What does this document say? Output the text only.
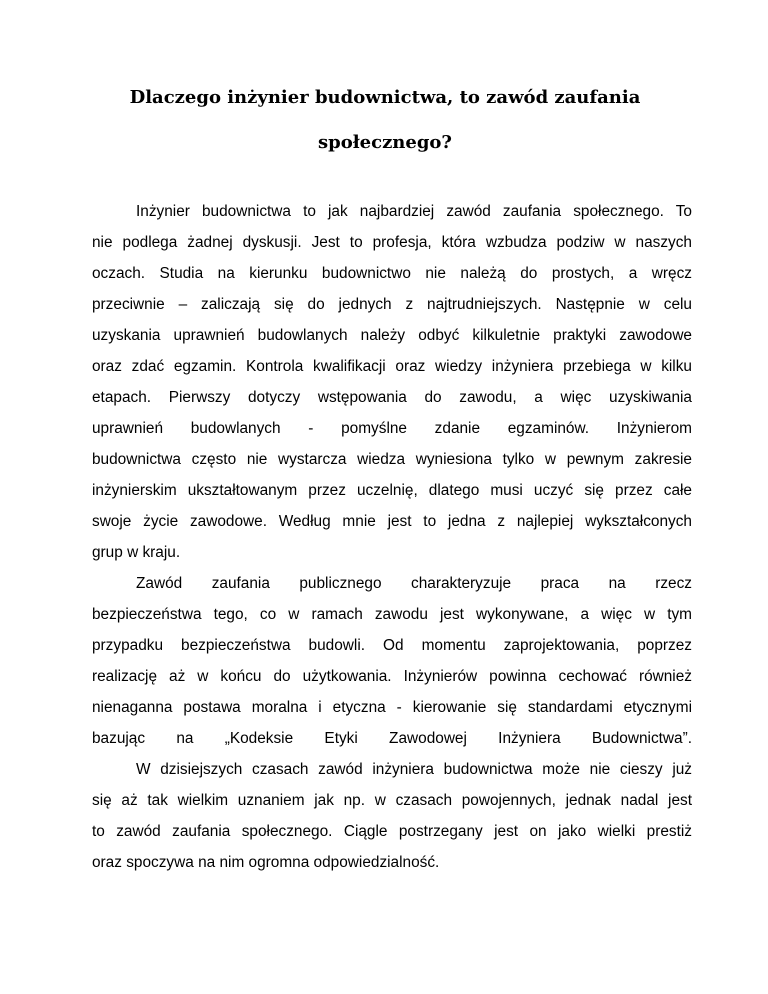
Dlaczego inżynier budownictwa, to zawód zaufania
społecznego?
Inżynier budownictwa to jak najbardziej zawód zaufania społecznego. To
nie podlega żadnej dyskusji. Jest to profesja, która wzbudza podziw w naszych
oczach. Studia na kierunku budownictwo nie należą do prostych, a wręcz
przeciwnie – zaliczają się do jednych z najtrudniejszych. Następnie w celu
uzyskania uprawnień budowlanych należy odbyć kilkuletnie praktyki zawodowe
oraz zdać egzamin. Kontrola kwalifikacji oraz wiedzy inżyniera przebiega w kilku
etapach. Pierwszy dotyczy wstępowania do zawodu, a więc uzyskiwania
uprawnień budowlanych - pomyślne zdanie egzaminów. Inżynierom
budownictwa często nie wystarcza wiedza wyniesiona tylko w pewnym zakresie
inżynierskim ukształtowanym przez uczelnię, dlatego musi uczyć się przez całe
swoje życie zawodowe. Według mnie jest to jedna z najlepiej wykształconych
grup w kraju.
Zawód zaufania publicznego charakteryzuje praca na rzecz
bezpieczeństwa tego, co w ramach zawodu jest wykonywane, a więc w tym
przypadku bezpieczeństwa budowli. Od momentu zaprojektowania, poprzez
realizację aż w końcu do użytkowania. Inżynierów powinna cechować również
nienaganna postawa moralna i etyczna - kierowanie się standardami etycznymi
bazując na „Kodeksie Etyki Zawodowej Inżyniera Budownictwa”.
W dzisiejszych czasach zawód inżyniera budownictwa może nie cieszy już
się aż tak wielkim uznaniem jak np. w czasach powojennych, jednak nadal jest
to zawód zaufania społecznego. Ciągle postrzegany jest on jako wielki prestiż
oraz spoczywa na nim ogromna odpowiedzialność.
